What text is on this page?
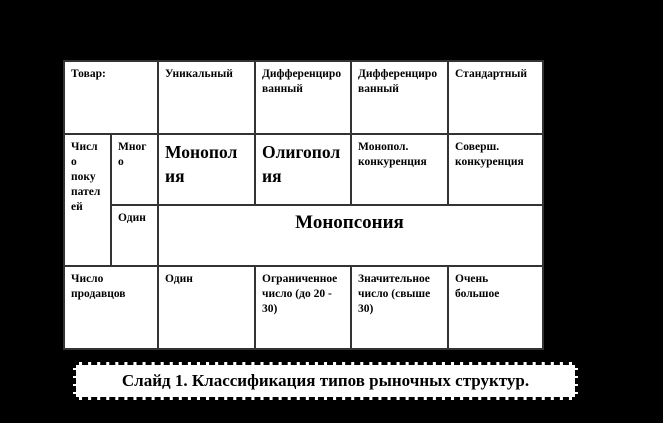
Товар:		Уникальный	Дифференцированный	Дифференцированный	Стандартный
Число покупателей	Много	Монополия	Олигополия	Монопол. конкуренция	Соверш. конкуренция
	Один	Монопсония			
Число продавцов		Один	Ограниченное число (до 20 - 30)	Значительное число (свыше 30)	Очень большое
Слайд 1. Классификация типов рыночных структур.
